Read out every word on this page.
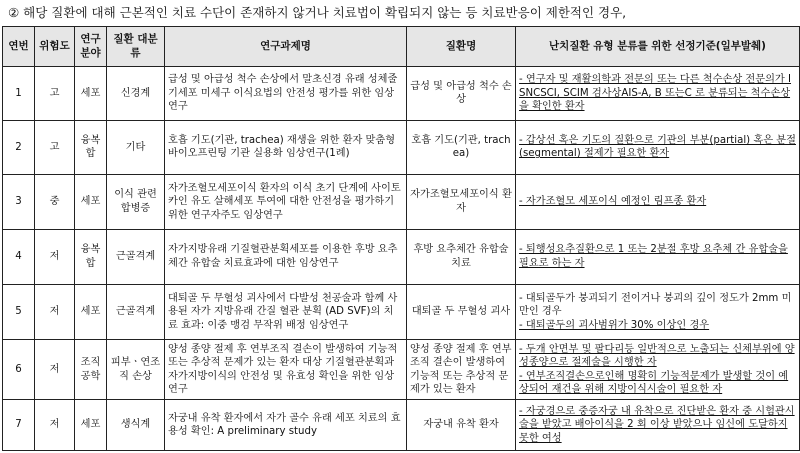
② 해당 질환에 대해 근본적인 치료 수단이 존재하지 않거나 치료법이 확립되지 않는 등 치료반응이 제한적인 경우,
연번	위험도	연구분야	질환 대분류	연구과제명	질환명	난치질환 유형 분류를 위한 선정기준(일부발췌)
1	고	세포	신경계	급성 및 아급성 척수 손상에서 말초신경 유래 성체줄기세포 미세구 이식요법의 안전성 평가를 위한 임상연구	급성 및 아급성 척수 손상	- 연구자 및 재활의학과 전문의 또는 다른 척수손상 전문의가 ISNCSCI, SCIM 검사상AIS-A, B 또는C 로 분류되는 척수손상을 확인한 환자

2	고	융복합	기타	호흡 기도(기관, trachea) 재생을 위한 환자 맞춤형 바이오프린팅 기관 실용화 임상연구(1례)	호흡 기도(기관, trachea)	- 갑상선 혹은 기도의 질환으로 기관의 부분(partial) 혹은 분절(segmental) 절제가 필요한 환자

3	중	세포	이식 관련 합병증	자가조혈모세포이식 환자의 이식 초기 단계에 사이토카인 유도 살해세포 투여에 대한 안전성을 평가하기 위한 연구자주도 임상연구	자가조혈모세포이식 환자	- 자가조혈모 세포이식 예정인 림프종 환자

4	저	융복합	근골격계	자가지방유래 기질혈관분획세포를 이용한 후방 요추체간 유합술 치료효과에 대한 임상연구	후방 요추체간 유합술 치료	- 퇴행성요추질환으로 1 또는 2분절 후방 요추체 간 유합술을 필요로 하는 자

5	저	세포	근골격계	대퇴골 두 무혈성 괴사에서 다발성 천공술과 함께 사용된 자가 지방유래 간질 혈관 분획 (AD SVF)의 치료 효과: 이중 맹검 무작위 배정 임상연구	대퇴골 두 무혈성 괴사	- 대퇴골두가 붕괴되기 전이거나 붕괴의 깊이 정도가 2mm 미만인 경우
- 대퇴골두의 괴사범위가 30% 이상인 경우

6	저	조직공학	피부ㆍ연조직 손상	양성 종양 절제 후 연부조직 결손이 발생하여 기능적 또는 추상적 문제가 있는 환자 대상 기질혈관분획과 자가지방이식의 안전성 및 유효성 확인을 위한 임상연구	양성 종양 절제 후 연부조직 결손이 발생하여 기능적 또는 추상적 문제가 있는 환자	- 두개 안면부 및 팔다리등 일반적으로 노출되는 신체부위에 양성종양으로 절제술을 시행한 자
- 연부조직결손으로인해 명확히 기능적문제가 발생할 것이 예상되어 재건을 위해 지방이식시술이 필요한 자

7	저	세포	생식계	자궁내 유착 환자에서 자가 골수 유래 세포 치료의 효용성 확인: A preliminary study	자궁내 유착 환자	- 자궁경으로 중증자궁 내 유착으로 진단받은 환자 중 시험관시술을 받았고 배아이식을 2 회 이상 받았으나 임신에 도달하지 못한 여성
